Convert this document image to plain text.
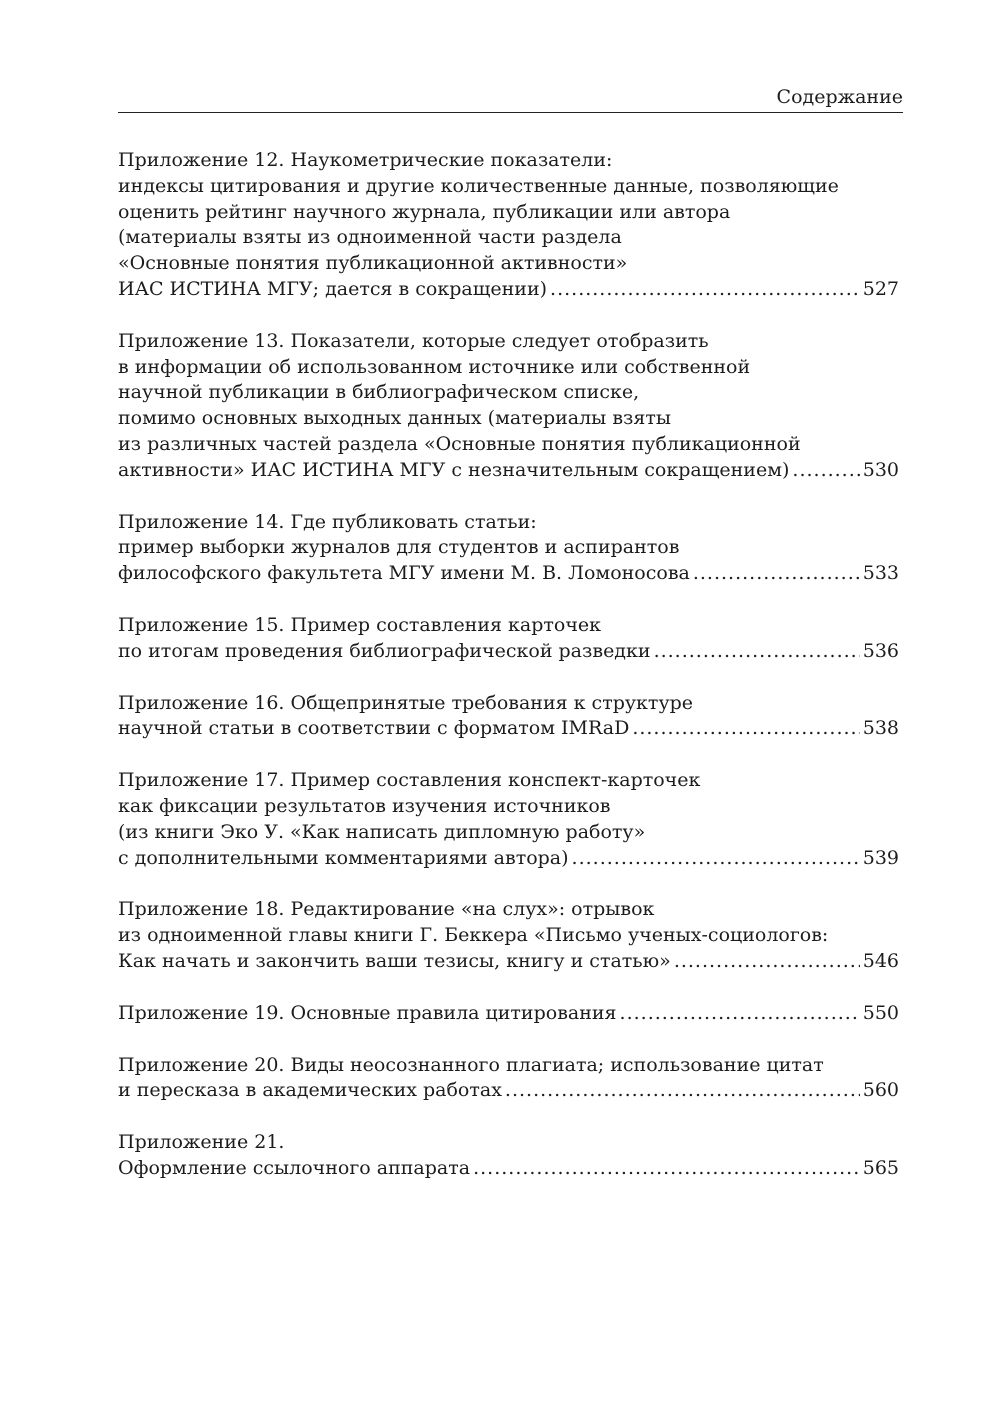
Содержание
Приложение 12. Наукометрические показатели:
индексы цитирования и другие количественные данные, позволяющие
оценить рейтинг научного журнала, публикации или автора
(материалы взяты из одноименной части раздела
«Основные понятия публикационной активности»
ИАС ИСТИНА МГУ; дается в сокращении) .....	527
Приложение 13. Показатели, которые следует отобразить
в информации об использованном источнике или собственной
научной публикации в библиографическом списке,
помимо основных выходных данных (материалы взяты
из различных частей раздела «Основные понятия публикационной
активности» ИАС ИСТИНА МГУ с незначительным сокращением) .....	530
Приложение 14. Где публиковать статьи:
пример выборки журналов для студентов и аспирантов
философского факультета МГУ имени М. В. Ломоносова .....	533
Приложение 15. Пример составления карточек
по итогам проведения библиографической разведки .....	536
Приложение 16. Общепринятые требования к структуре
научной статьи в соответствии с форматом IMRaD .....	538
Приложение 17. Пример составления конспект-карточек
как фиксации результатов изучения источников
(из книги Эко У. «Как написать дипломную работу»
с дополнительными комментариями автора) .....	539
Приложение 18. Редактирование «на слух»: отрывок
из одноименной главы книги Г. Беккера «Письмо ученых-социологов:
Как начать и закончить ваши тезисы, книгу и статью» .....	546
Приложение 19. Основные правила цитирования .....	550
Приложение 20. Виды неосознанного плагиата; использование цитат
и пересказа в академических работах .....	560
Приложение 21.
Оформление ссылочного аппарата .....	565
